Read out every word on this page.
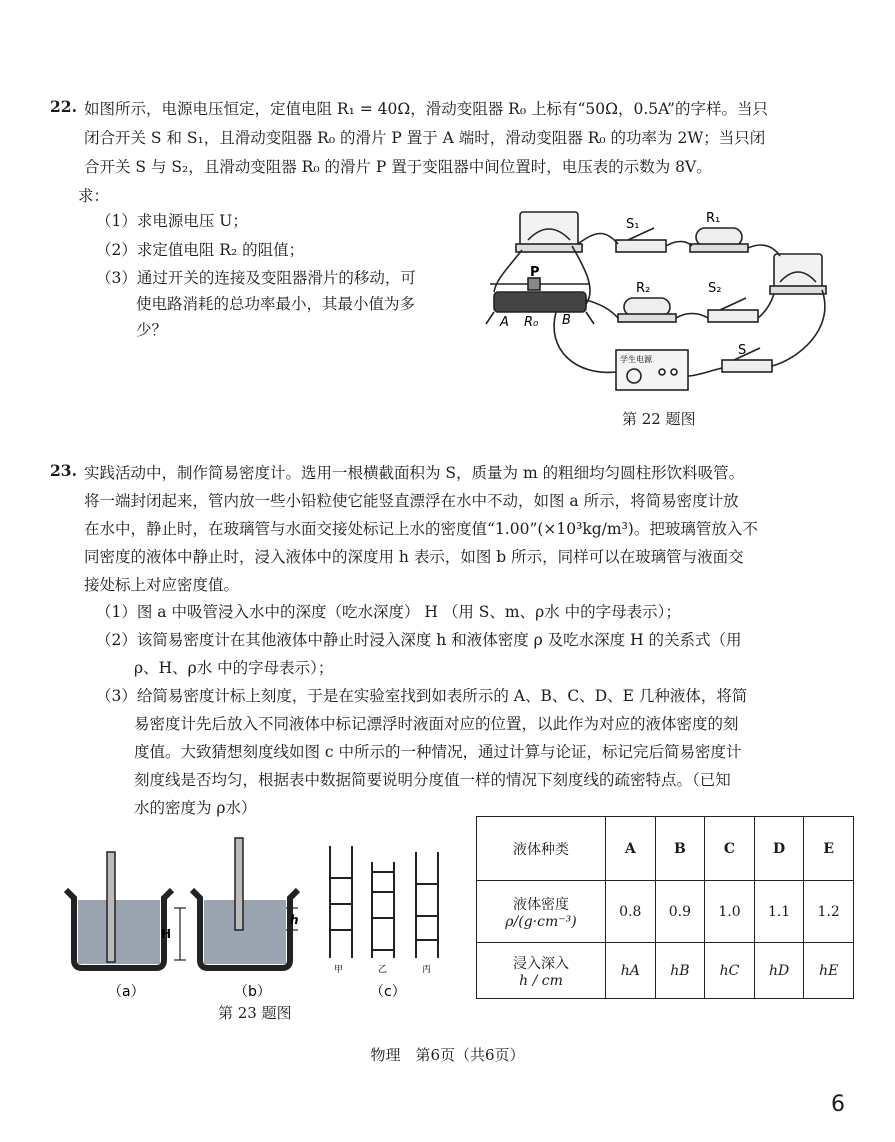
22. 如图所示，电源电压恒定，定值电阻 R₁ = 40Ω，滑动变阻器 R₀ 上标有“50Ω，0.5A”的字样。当只
闭合开关 S 和 S₁，且滑动变阻器 R₀ 的滑片 P 置于 A 端时，滑动变阻器 R₀ 的功率为 2W；当只闭
合开关 S 与 S₂，且滑动变阻器 R₀ 的滑片 P 置于变阻器中间位置时，电压表的示数为 8V。
求：
（1）求电源电压 U；
（2）求定值电阻 R₂ 的阻值；
（3）通过开关的连接及变阻器滑片的移动，可
使电路消耗的总功率最小，其最小值为多
少？
S₁	R₁
R₂	S₂
S
P
A R₀ B
学生电源
第 22 题图
23. 实践活动中，制作简易密度计。选用一根横截面积为 S，质量为 m 的粗细均匀圆柱形饮料吸管。
将一端封闭起来，管内放一些小铅粒使它能竖直漂浮在水中不动，如图 a 所示，将简易密度计放
在水中，静止时，在玻璃管与水面交接处标记上水的密度值“1.00”(×10³kg/m³)。把玻璃管放入不
同密度的液体中静止时，浸入液体中的深度用 h 表示，如图 b 所示，同样可以在玻璃管与液面交
接处标上对应密度值。
（1）图 a 中吸管浸入水中的深度（吃水深度） H （用 S、m、ρ水 中的字母表示）；
（2）该简易密度计在其他液体中静止时浸入深度 h 和液体密度 ρ 及吃水深度 H 的关系式（用
ρ、H、ρ水 中的字母表示）；
（3）给简易密度计标上刻度，于是在实验室找到如表所示的 A、B、C、D、E 几种液体，将简
易密度计先后放入不同液体中标记漂浮时液面对应的位置，以此作为对应的液体密度的刻
度值。大致猜想刻度线如图 c 中所示的一种情况，通过计算与论证，标记完后简易密度计
刻度线是否均匀，根据表中数据简要说明分度值一样的情况下刻度线的疏密特点。（已知
水的密度为 ρ水）
H
h
甲	乙	丙
（a）	（b）	（c）
第 23 题图
液体种类	A	B	C	D	E

液体密度
ρ/(g·cm⁻³)	0.8	0.9	1.0	1.1	1.2

浸入深入
h / cm	hA	hB	hC	hD	hE
物理　第6页（共6页）
6
